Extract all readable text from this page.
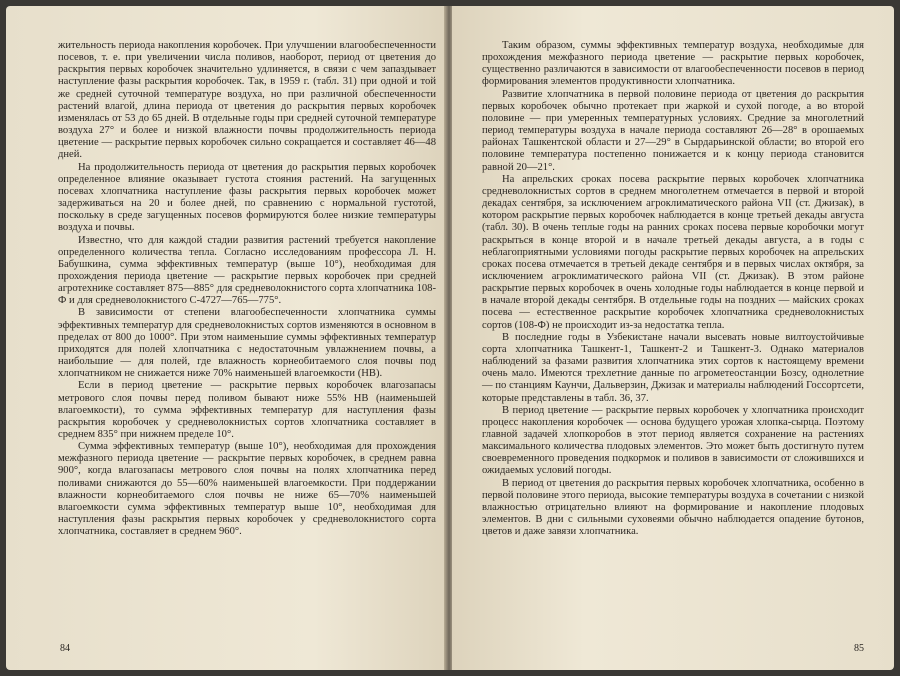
жительность периода накопления коробочек. При улучшении влагообеспеченности посевов, т. е. при увеличении числа поливов, наоборот, период от цветения до раскрытия первых коробочек значительно удлиняется, в связи с чем запаздывает наступление фазы раскрытия коробочек. Так, в 1959 г. (табл. 31) при одной и той же средней суточной температуре воздуха, но при различной обеспеченности растений влагой, длина периода от цветения до раскрытия первых коробочек изменялась от 53 до 65 дней. В отдельные годы при средней суточной температуре воздуха 27° и более и низкой влажности почвы продолжительность периода цветение — раскрытие первых коробочек сильно сокращается и составляет 46—48 дней.

На продолжительность периода от цветения до раскрытия первых коробочек определенное влияние оказывает густота стояния растений. На загущенных посевах хлопчатника наступление фазы раскрытия первых коробочек может задерживаться на 20 и более дней, по сравнению с нормальной густотой, поскольку в среде загущенных посевов формируются более низкие температуры воздуха и почвы.

Известно, что для каждой стадии развития растений требуется накопление определенного количества тепла. Согласно исследованиям профессора Л. Н. Бабушкина, сумма эффективных температур (выше 10°), необходимая для прохождения периода цветение — раскрытие первых коробочек при средней агротехнике составляет 875—885° для средневолокнистого сорта хлопчатника 108-Ф и для средневолокнистого С-4727—765—775°.

В зависимости от степени влагообеспеченности хлопчатника суммы эффективных температур для средневолокнистых сортов изменяются в основном в пределах от 800 до 1000°. При этом наименьшие суммы эффективных температур приходятся для полей хлопчатника с недостаточным увлажнением почвы, а наибольшие — для полей, где влажность корнеобитаемого слоя почвы под хлопчатником не снижается ниже 70% наименьшей влагоемкости (НВ).

Если в период цветение — раскрытие первых коробочек влагозапасы метрового слоя почвы перед поливом бывают ниже 55% НВ (наименьшей влагоемкости), то сумма эффективных температур для наступления фазы раскрытия коробочек у средневолокнистых сортов хлопчатника составляет в среднем 835° при нижнем пределе 10°.

Сумма эффективных температур (выше 10°), необходимая для прохождения межфазного периода цветение — раскрытие первых коробочек, в среднем равна 900°, когда влагозапасы метрового слоя почвы на полях хлопчатника перед поливами снижаются до 55—60% наименьшей влагоемкости. При поддержании влажности корнеобитаемого слоя почвы не ниже 65—70% наименьшей влагоемкости сумма эффективных температур выше 10°, необходимая для наступления фазы раскрытия первых коробочек у средневолокнистого сорта хлопчатника, составляет в среднем 960°.

84

Таким образом, суммы эффективных температур воздуха, необходимые для прохождения межфазного периода цветение — раскрытие первых коробочек, существенно различаются в зависимости от влагообеспеченности посевов в период формирования элементов продуктивности хлопчатника.

Развитие хлопчатника в первой половине периода от цветения до раскрытия первых коробочек обычно протекает при жаркой и сухой погоде, а во второй половине — при умеренных температурных условиях. Средние за многолетний период температуры воздуха в начале периода составляют 26—28° в орошаемых районах Ташкентской области и 27—29° в Сырдарьинской области; во второй его половине температура постепенно понижается и к концу периода становится равной 20—21°.

На апрельских сроках посева раскрытие первых коробочек хлопчатника средневолокнистых сортов в среднем многолетнем отмечается в первой и второй декадах сентября, за исключением агроклиматического района VII (ст. Джизак), в котором раскрытие первых коробочек наблюдается в конце третьей декады августа (табл. 30). В очень теплые годы на ранних сроках посева первые коробочки могут раскрыться в конце второй и в начале третьей декады августа, а в годы с неблагоприятными условиями погоды раскрытие первых коробочек на апрельских сроках посева отмечается в третьей декаде сентября и в первых числах октября, за исключением агроклиматического района VII (ст. Джизак). В этом районе раскрытие первых коробочек в очень холодные годы наблюдается в конце первой и в начале второй декады сентября. В отдельные годы на поздних — майских сроках посева — естественное раскрытие коробочек хлопчатника средневолокнистых сортов (108-Ф) не происходит из-за недостатка тепла.

В последние годы в Узбекистане начали высевать новые вилтоустойчивые сорта хлопчатника Ташкент-1, Ташкент-2 и Ташкент-3. Однако материалов наблюдений за фазами развития хлопчатника этих сортов к настоящему времени очень мало. Имеются трехлетние данные по агрометеостанции Бозсу, однолетние — по станциям Каунчи, Дальверзин, Джизак и материалы наблюдений Госсортсети, которые представлены в табл. 36, 37.

В период цветение — раскрытие первых коробочек у хлопчатника происходит процесс накопления коробочек — основа будущего урожая хлопка-сырца. Поэтому главной задачей хлопкоробов в этот период является сохранение на растениях максимального количества плодовых элементов. Это может быть достигнуто путем своевременного проведения подкормок и поливов в зависимости от сложившихся и ожидаемых условий погоды.

В период от цветения до раскрытия первых коробочек хлопчатника, особенно в первой половине этого периода, высокие температуры воздуха в сочетании с низкой влажностью отрицательно влияют на формирование и накопление плодовых элементов. В дни с сильными суховеями обычно наблюдается опадение бутонов, цветов и даже завязи хлопчатника.

85
